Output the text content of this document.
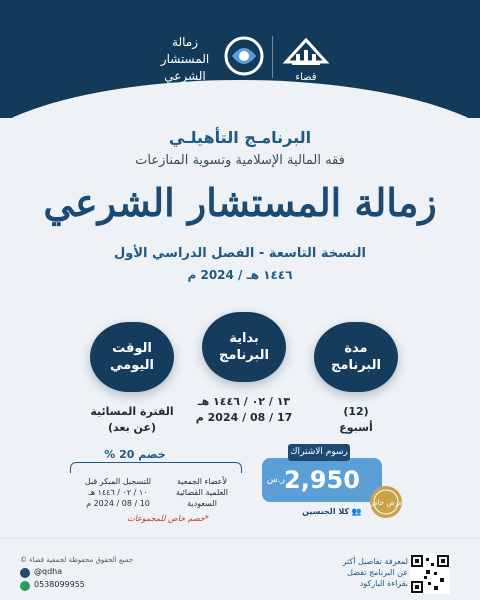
قضاء
زمالة
المستشار
الشرعي
البرنامـج التأهيلـي
فقه المالية الإسلامية وتسوية المنازعات
زمالة المستشار الشرعي
النسخة التاسعة - الفصل الدراسي الأول
١٤٤٦ هـ / 2024 م
مدة
البرنامج
(12)
أسبوع
بداية
البرنامج
١٣ / ٠٢ / ١٤٤٦ هـ
17 / 08 / 2024 م
الوقت
اليومي
الفترة المسائية
(عن بعد)
خصم 20 %
لأعضاء الجمعية
العلمية القضائية
السعودية
للتسجيل المبكر قبل
١٠ / ٠٢ / ١٤٤٦ هـ
10 / 08 / 2024 م
*خصم خاص للمجموعات
رسوم الاشتراك
2,950
ر.س
👥 كلا الجنسين
عرض خاص
© جميع الحقوق محفوظة لجمعية قضاء
@qdha
0538099955
لمعرفة تفاصيل أكثر
عن البرنامج تفضل
بقراءة الباركود
